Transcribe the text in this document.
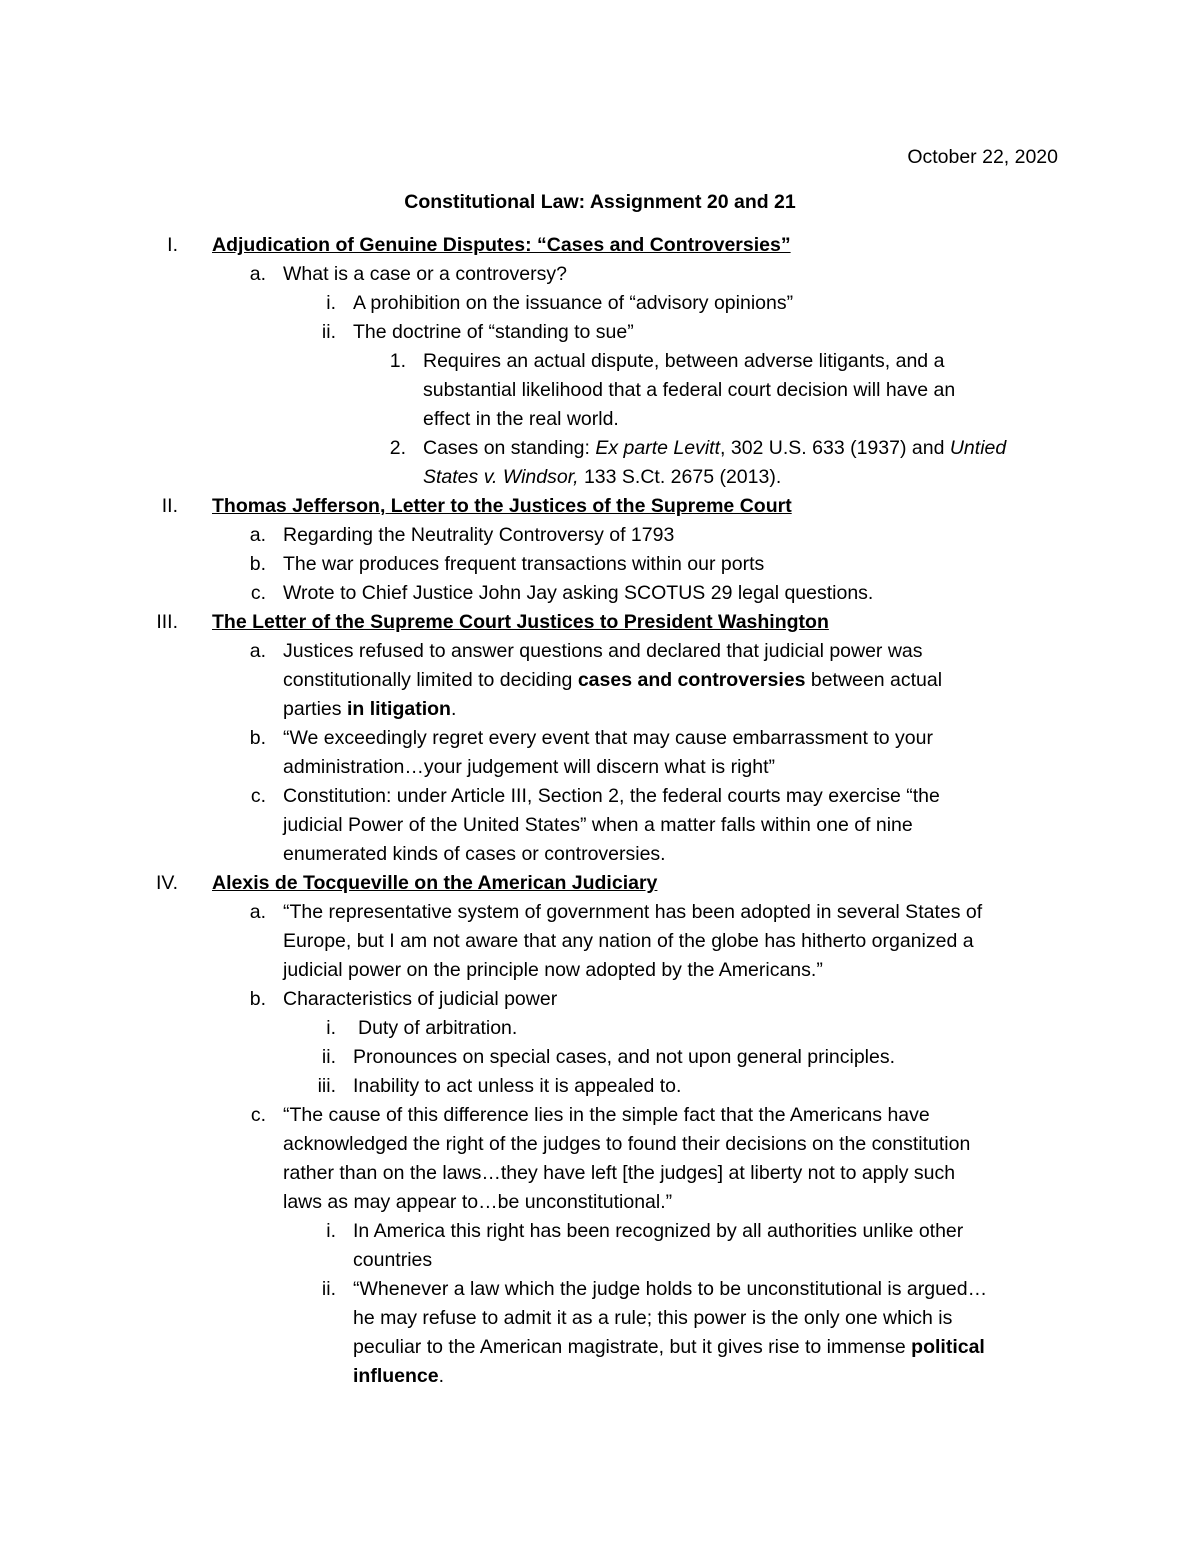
October 22, 2020
Constitutional Law: Assignment 20 and 21
I. Adjudication of Genuine Disputes: “Cases and Controversies”
a. What is a case or a controversy?
i. A prohibition on the issuance of “advisory opinions”
ii. The doctrine of “standing to sue”
1. Requires an actual dispute, between adverse litigants, and a
substantial likelihood that a federal court decision will have an
effect in the real world.
2. Cases on standing: Ex parte Levitt, 302 U.S. 633 (1937) and Untied
States v. Windsor, 133 S.Ct. 2675 (2013).
II. Thomas Jefferson, Letter to the Justices of the Supreme Court
a. Regarding the Neutrality Controversy of 1793
b. The war produces frequent transactions within our ports
c. Wrote to Chief Justice John Jay asking SCOTUS 29 legal questions.
III. The Letter of the Supreme Court Justices to President Washington
a. Justices refused to answer questions and declared that judicial power was
constitutionally limited to deciding cases and controversies between actual
parties in litigation.
b. “We exceedingly regret every event that may cause embarrassment to your
administration…your judgement will discern what is right”
c. Constitution: under Article III, Section 2, the federal courts may exercise “the
judicial Power of the United States” when a matter falls within one of nine
enumerated kinds of cases or controversies.
IV. Alexis de Tocqueville on the American Judiciary
a. “The representative system of government has been adopted in several States of
Europe, but I am not aware that any nation of the globe has hitherto organized a
judicial power on the principle now adopted by the Americans.”
b. Characteristics of judicial power
i. Duty of arbitration.
ii. Pronounces on special cases, and not upon general principles.
iii. Inability to act unless it is appealed to.
c. “The cause of this difference lies in the simple fact that the Americans have
acknowledged the right of the judges to found their decisions on the constitution
rather than on the laws…they have left [the judges] at liberty not to apply such
laws as may appear to…be unconstitutional.”
i. In America this right has been recognized by all authorities unlike other
countries
ii. “Whenever a law which the judge holds to be unconstitutional is argued…
he may refuse to admit it as a rule; this power is the only one which is
peculiar to the American magistrate, but it gives rise to immense political
influence.
